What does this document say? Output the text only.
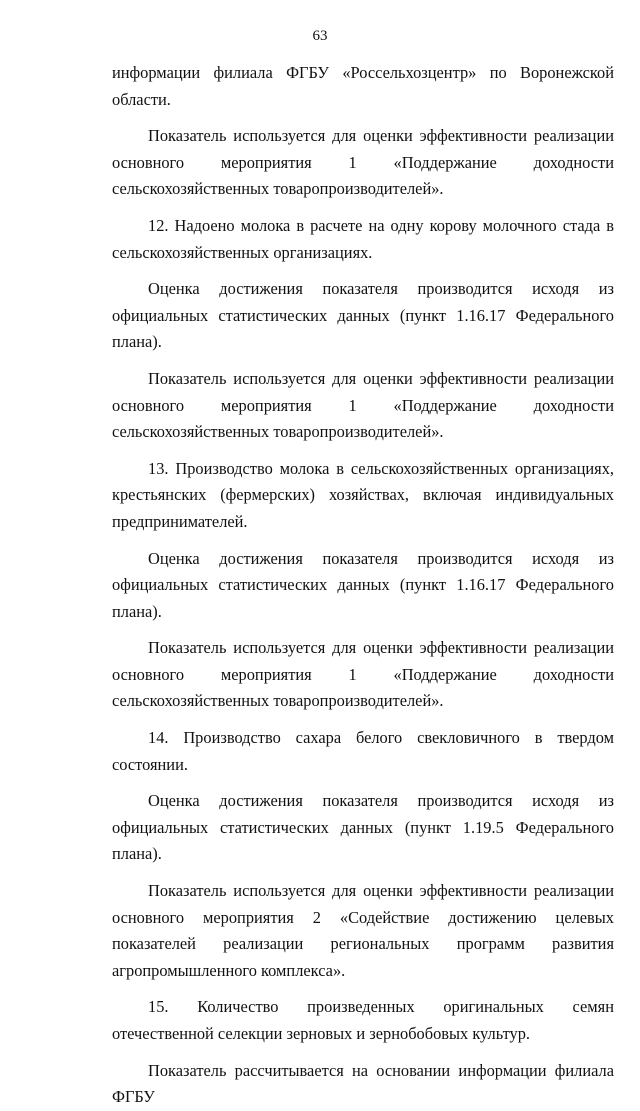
63

информации филиала ФГБУ «Россельхозцентр» по Воронежской области.

Показатель используется для оценки эффективности реализации основного мероприятия 1 «Поддержание доходности сельскохозяйственных товаропроизводителей».

12. Надоено молока в расчете на одну корову молочного стада в сельскохозяйственных организациях.

Оценка достижения показателя производится исходя из официальных статистических данных (пункт 1.16.17 Федерального плана).

Показатель используется для оценки эффективности реализации основного мероприятия 1 «Поддержание доходности сельскохозяйственных товаропроизводителей».

13. Производство молока в сельскохозяйственных организациях, крестьянских (фермерских) хозяйствах, включая индивидуальных предпринимателей.

Оценка достижения показателя производится исходя из официальных статистических данных (пункт 1.16.17 Федерального плана).

Показатель используется для оценки эффективности реализации основного мероприятия 1 «Поддержание доходности сельскохозяйственных товаропроизводителей».

14. Производство сахара белого свекловичного в твердом состоянии.

Оценка достижения показателя производится исходя из официальных статистических данных (пункт 1.19.5 Федерального плана).

Показатель используется для оценки эффективности реализации основного мероприятия 2 «Содействие достижению целевых показателей реализации региональных программ развития агропромышленного комплекса».

15. Количество произведенных оригинальных семян отечественной селекции зерновых и зернобобовых культур.

Показатель рассчитывается на основании информации филиала ФГБУ
